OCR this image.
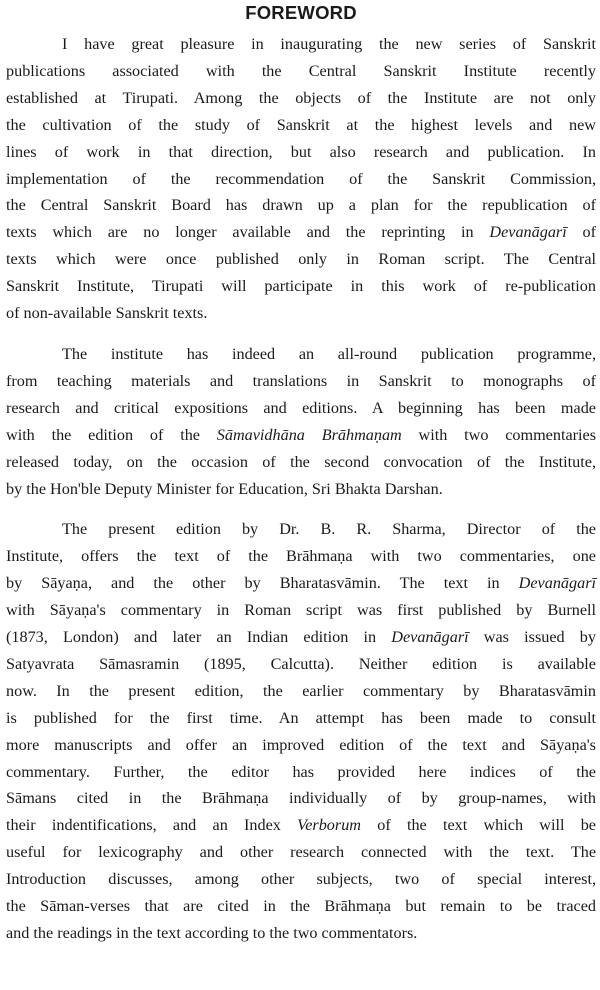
FOREWORD
I have great pleasure in inaugurating the new series of Sanskrit
publications associated with the Central Sanskrit Institute recently
established at Tirupati. Among the objects of the Institute are not only
the cultivation of the study of Sanskrit at the highest levels and new
lines of work in that direction, but also research and publication. In
implementation of the recommendation of the Sanskrit Commission,
the Central Sanskrit Board has drawn up a plan for the republication of
texts which are no longer available and the reprinting in Devanāgarī of
texts which were once published only in Roman script. The Central
Sanskrit Institute, Tirupati will participate in this work of re-publication
of non-available Sanskrit texts.
The institute has indeed an all-round publication programme,
from teaching materials and translations in Sanskrit to monographs of
research and critical expositions and editions. A beginning has been made
with the edition of the Sāmavidhāna Brāhmaṇam with two commentaries
released today, on the occasion of the second convocation of the Institute,
by the Hon'ble Deputy Minister for Education, Sri Bhakta Darshan.
The present edition by Dr. B. R. Sharma, Director of the
Institute, offers the text of the Brāhmaṇa with two commentaries, one
by Sāyaṇa, and the other by Bharatasvāmin. The text in Devanāgarī
with Sāyaṇa's commentary in Roman script was first published by Burnell
(1873, London) and later an Indian edition in Devanāgarī was issued by
Satyavrata Sāmasramin (1895, Calcutta). Neither edition is available
now. In the present edition, the earlier commentary by Bharatasvāmin
is published for the first time. An attempt has been made to consult
more manuscripts and offer an improved edition of the text and Sāyaṇa's
commentary. Further, the editor has provided here indices of the
Sāmans cited in the Brāhmaṇa individually of by group-names, with
their indentifications, and an Index Verborum of the text which will be
useful for lexicography and other research connected with the text. The
Introduction discusses, among other subjects, two of special interest,
the Sāman-verses that are cited in the Brāhmaṇa but remain to be traced
and the readings in the text according to the two commentators.
